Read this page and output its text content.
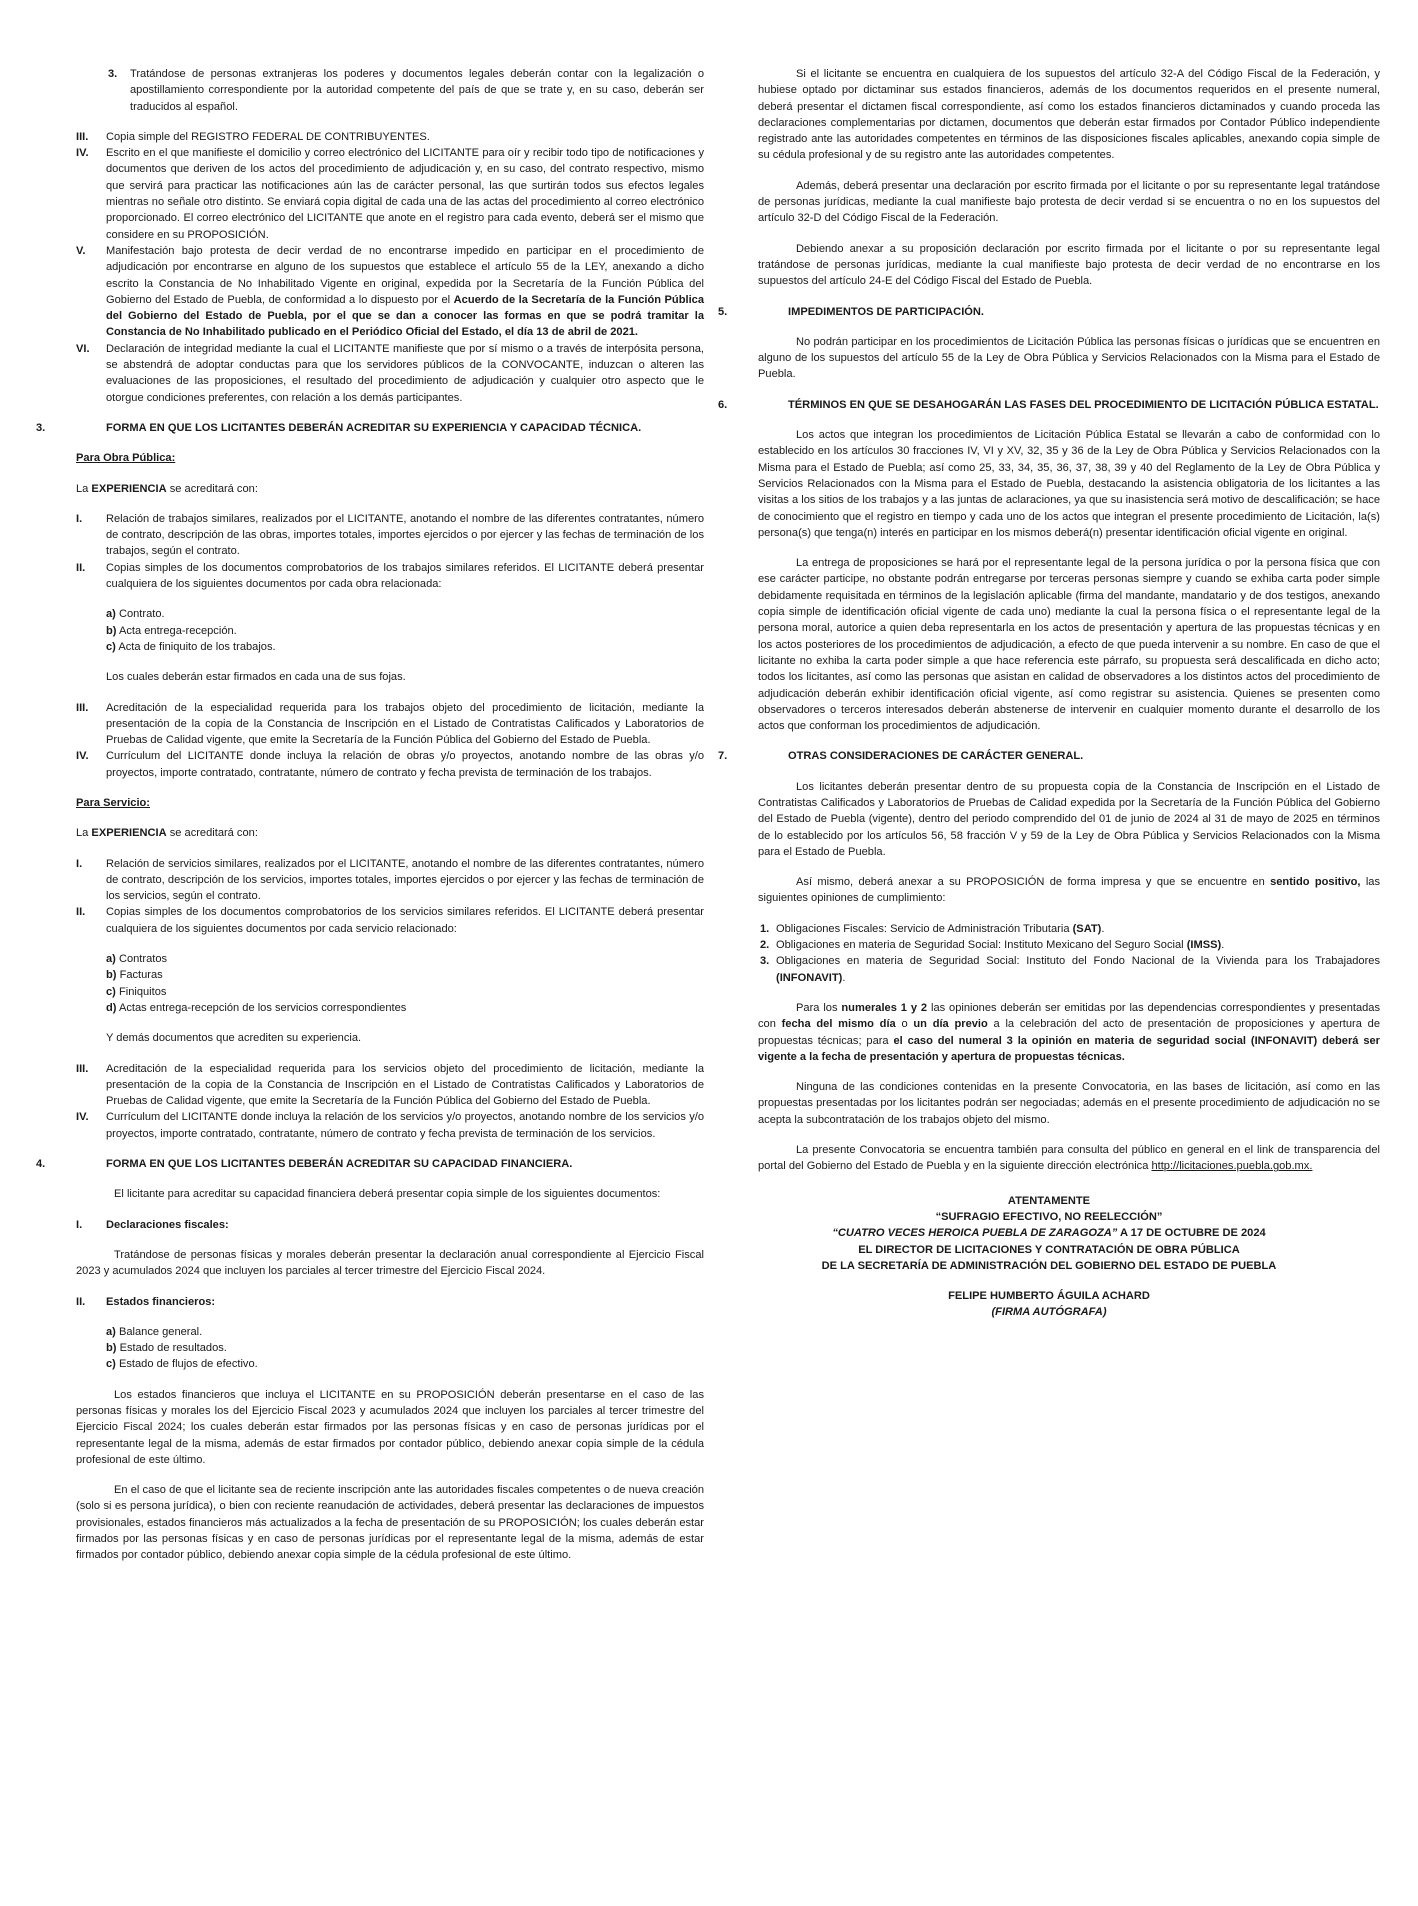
3.	Tratándose de personas extranjeras los poderes y documentos legales deberán contar con la legalización o apostillamiento correspondiente por la autoridad competente del país de que se trate y, en su caso, deberán ser traducidos al español.
III.	Copia simple del REGISTRO FEDERAL DE CONTRIBUYENTES.
IV.	Escrito en el que manifieste el domicilio y correo electrónico del LICITANTE para oír y recibir todo tipo de notificaciones y documentos que deriven de los actos del procedimiento de adjudicación y, en su caso, del contrato respectivo, mismo que servirá para practicar las notificaciones aún las de carácter personal, las que surtirán todos sus efectos legales mientras no señale otro distinto. Se enviará copia digital de cada una de las actas del procedimiento al correo electrónico proporcionado. El correo electrónico del LICITANTE que anote en el registro para cada evento, deberá ser el mismo que considere en su PROPOSICIÓN.
V.	Manifestación bajo protesta de decir verdad de no encontrarse impedido en participar en el procedimiento de adjudicación por encontrarse en alguno de los supuestos que establece el artículo 55 de la LEY, anexando a dicho escrito la Constancia de No Inhabilitado Vigente en original, expedida por la Secretaría de la Función Pública del Gobierno del Estado de Puebla, de conformidad a lo dispuesto por el Acuerdo de la Secretaría de la Función Pública del Gobierno del Estado de Puebla, por el que se dan a conocer las formas en que se podrá tramitar la Constancia de No Inhabilitado publicado en el Periódico Oficial del Estado, el día 13 de abril de 2021.
VI.	Declaración de integridad mediante la cual el LICITANTE manifieste que por sí mismo o a través de interpósita persona, se abstendrá de adoptar conductas para que los servidores públicos de la CONVOCANTE, induzcan o alteren las evaluaciones de las proposiciones, el resultado del procedimiento de adjudicación y cualquier otro aspecto que le otorgue condiciones preferentes, con relación a los demás participantes.
3.	FORMA EN QUE LOS LICITANTES DEBERÁN ACREDITAR SU EXPERIENCIA Y CAPACIDAD TÉCNICA.

Para Obra Pública:

La EXPERIENCIA se acreditará con:

I.	Relación de trabajos similares, realizados por el LICITANTE, anotando el nombre de las diferentes contratantes, número de contrato, descripción de las obras, importes totales, importes ejercidos o por ejercer y las fechas de terminación de los trabajos, según el contrato.
II.	Copias simples de los documentos comprobatorios de los trabajos similares referidos. El LICITANTE deberá presentar cualquiera de los siguientes documentos por cada obra relacionada:

a) Contrato.

b) Acta entrega-recepción.

c) Acta de finiquito de los trabajos.

Los cuales deberán estar firmados en cada una de sus fojas.

III.	Acreditación de la especialidad requerida para los trabajos objeto del procedimiento de licitación, mediante la presentación de la copia de la Constancia de Inscripción en el Listado de Contratistas Calificados y Laboratorios de Pruebas de Calidad vigente, que emite la Secretaría de la Función Pública del Gobierno del Estado de Puebla.
IV.	Currículum del LICITANTE donde incluya la relación de obras y/o proyectos, anotando nombre de las obras y/o proyectos, importe contratado, contratante, número de contrato y fecha prevista de terminación de los trabajos.

Para Servicio:

La EXPERIENCIA se acreditará con:

I.	Relación de servicios similares, realizados por el LICITANTE, anotando el nombre de las diferentes contratantes, número de contrato, descripción de los servicios, importes totales, importes ejercidos o por ejercer y las fechas de terminación de los servicios, según el contrato.
II.	Copias simples de los documentos comprobatorios de los servicios similares referidos. El LICITANTE deberá presentar cualquiera de los siguientes documentos por cada servicio relacionado:

a) Contratos

b) Facturas

c) Finiquitos

d) Actas entrega-recepción de los servicios correspondientes

Y demás documentos que acrediten su experiencia.

III.	Acreditación de la especialidad requerida para los servicios objeto del procedimiento de licitación, mediante la presentación de la copia de la Constancia de Inscripción en el Listado de Contratistas Calificados y Laboratorios de Pruebas de Calidad vigente, que emite la Secretaría de la Función Pública del Gobierno del Estado de Puebla.
IV.	Currículum del LICITANTE donde incluya la relación de los servicios y/o proyectos, anotando nombre de los servicios y/o proyectos, importe contratado, contratante, número de contrato y fecha prevista de terminación de los servicios.
4.	FORMA EN QUE LOS LICITANTES DEBERÁN ACREDITAR SU CAPACIDAD FINANCIERA.

El licitante para acreditar su capacidad financiera deberá presentar copia simple de los siguientes documentos:

I.	Declaraciones fiscales:

Tratándose de personas físicas y morales deberán presentar la declaración anual correspondiente al Ejercicio Fiscal 2023 y acumulados 2024 que incluyen los parciales al tercer trimestre del Ejercicio Fiscal 2024.

II.	Estados financieros:

a) Balance general.

b) Estado de resultados.

c) Estado de flujos de efectivo.

Los estados financieros que incluya el LICITANTE en su PROPOSICIÓN deberán presentarse en el caso de las personas físicas y morales los del Ejercicio Fiscal 2023 y acumulados 2024 que incluyen los parciales al tercer trimestre del Ejercicio Fiscal 2024; los cuales deberán estar firmados por las personas físicas y en caso de personas jurídicas por el representante legal de la misma, además de estar firmados por contador público, debiendo anexar copia simple de la cédula profesional de este último.

En el caso de que el licitante sea de reciente inscripción ante las autoridades fiscales competentes o de nueva creación (solo si es persona jurídica), o bien con reciente reanudación de actividades, deberá presentar las declaraciones de impuestos provisionales, estados financieros más actualizados a la fecha de presentación de su PROPOSICIÓN; los cuales deberán estar firmados por las personas físicas y en caso de personas jurídicas por el representante legal de la misma, además de estar firmados por contador público, debiendo anexar copia simple de la cédula profesional de este último.

Si el licitante se encuentra en cualquiera de los supuestos del artículo 32-A del Código Fiscal de la Federación, y hubiese optado por dictaminar sus estados financieros, además de los documentos requeridos en el presente numeral, deberá presentar el dictamen fiscal correspondiente, así como los estados financieros dictaminados y cuando proceda las declaraciones complementarias por dictamen, documentos que deberán estar firmados por Contador Público independiente registrado ante las autoridades competentes en términos de las disposiciones fiscales aplicables, anexando copia simple de su cédula profesional y de su registro ante las autoridades competentes.

Además, deberá presentar una declaración por escrito firmada por el licitante o por su representante legal tratándose de personas jurídicas, mediante la cual manifieste bajo protesta de decir verdad si se encuentra o no en los supuestos del artículo 32-D del Código Fiscal de la Federación.

Debiendo anexar a su proposición declaración por escrito firmada por el licitante o por su representante legal tratándose de personas jurídicas, mediante la cual manifieste bajo protesta de decir verdad de no encontrarse en los supuestos del artículo 24-E del Código Fiscal del Estado de Puebla.

5.	IMPEDIMENTOS DE PARTICIPACIÓN.

No podrán participar en los procedimientos de Licitación Pública las personas físicas o jurídicas que se encuentren en alguno de los supuestos del artículo 55 de la Ley de Obra Pública y Servicios Relacionados con la Misma para el Estado de Puebla.

6.	TÉRMINOS EN QUE SE DESAHOGARÁN LAS FASES DEL PROCEDIMIENTO DE LICITACIÓN PÚBLICA ESTATAL.

Los actos que integran los procedimientos de Licitación Pública Estatal se llevarán a cabo de conformidad con lo establecido en los artículos 30 fracciones IV, VI y XV, 32, 35 y 36 de la Ley de Obra Pública y Servicios Relacionados con la Misma para el Estado de Puebla; así como 25, 33, 34, 35, 36, 37, 38, 39 y 40 del Reglamento de la Ley de Obra Pública y Servicios Relacionados con la Misma para el Estado de Puebla, destacando la asistencia obligatoria de los licitantes a las visitas a los sitios de los trabajos y a las juntas de aclaraciones, ya que su inasistencia será motivo de descalificación; se hace de conocimiento que el registro en tiempo y cada uno de los actos que integran el presente procedimiento de Licitación, la(s) persona(s) que tenga(n) interés en participar en los mismos deberá(n) presentar identificación oficial vigente en original.

La entrega de proposiciones se hará por el representante legal de la persona jurídica o por la persona física que con ese carácter participe, no obstante podrán entregarse por terceras personas siempre y cuando se exhiba carta poder simple debidamente requisitada en términos de la legislación aplicable (firma del mandante, mandatario y de dos testigos, anexando copia simple de identificación oficial vigente de cada uno) mediante la cual la persona física o el representante legal de la persona moral, autorice a quien deba representarla en los actos de presentación y apertura de las propuestas técnicas y en los actos posteriores de los procedimientos de adjudicación, a efecto de que pueda intervenir a su nombre. En caso de que el licitante no exhiba la carta poder simple a que hace referencia este párrafo, su propuesta será descalificada en dicho acto; todos los licitantes, así como las personas que asistan en calidad de observadores a los distintos actos del procedimiento de adjudicación deberán exhibir identificación oficial vigente, así como registrar su asistencia. Quienes se presenten como observadores o terceros interesados deberán abstenerse de intervenir en cualquier momento durante el desarrollo de los actos que conforman los procedimientos de adjudicación.

7.	OTRAS CONSIDERACIONES DE CARÁCTER GENERAL.

Los licitantes deberán presentar dentro de su propuesta copia de la Constancia de Inscripción en el Listado de Contratistas Calificados y Laboratorios de Pruebas de Calidad expedida por la Secretaría de la Función Pública del Gobierno del Estado de Puebla (vigente), dentro del periodo comprendido del 01 de junio de 2024 al 31 de mayo de 2025 en términos de lo establecido por los artículos 56, 58 fracción V y 59 de la Ley de Obra Pública y Servicios Relacionados con la Misma para el Estado de Puebla.

Así mismo, deberá anexar a su PROPOSICIÓN de forma impresa y que se encuentre en sentido positivo, las siguientes opiniones de cumplimiento:

1. Obligaciones Fiscales: Servicio de Administración Tributaria (SAT).
2. Obligaciones en materia de Seguridad Social: Instituto Mexicano del Seguro Social (IMSS).
3. Obligaciones en materia de Seguridad Social: Instituto del Fondo Nacional de la Vivienda para los Trabajadores (INFONAVIT).

Para los numerales 1 y 2 las opiniones deberán ser emitidas por las dependencias correspondientes y presentadas con fecha del mismo día o un día previo a la celebración del acto de presentación de proposiciones y apertura de propuestas técnicas; para el caso del numeral 3 la opinión en materia de seguridad social (INFONAVIT) deberá ser vigente a la fecha de presentación y apertura de propuestas técnicas.

Ninguna de las condiciones contenidas en la presente Convocatoria, en las bases de licitación, así como en las propuestas presentadas por los licitantes podrán ser negociadas; además en el presente procedimiento de adjudicación no se acepta la subcontratación de los trabajos objeto del mismo.

La presente Convocatoria se encuentra también para consulta del público en general en el link de transparencia del portal del Gobierno del Estado de Puebla y en la siguiente dirección electrónica http://licitaciones.puebla.gob.mx.

ATENTAMENTE

“SUFRAGIO EFECTIVO, NO REELECCIÓN”

“CUATRO VECES HEROICA PUEBLA DE ZARAGOZA” A 17 DE OCTUBRE DE 2024

EL DIRECTOR DE LICITACIONES Y CONTRATACIÓN DE OBRA PÚBLICA

DE LA SECRETARÍA DE ADMINISTRACIÓN DEL GOBIERNO DEL ESTADO DE PUEBLA

FELIPE HUMBERTO ÁGUILA ACHARD

(FIRMA AUTÓGRAFA)
